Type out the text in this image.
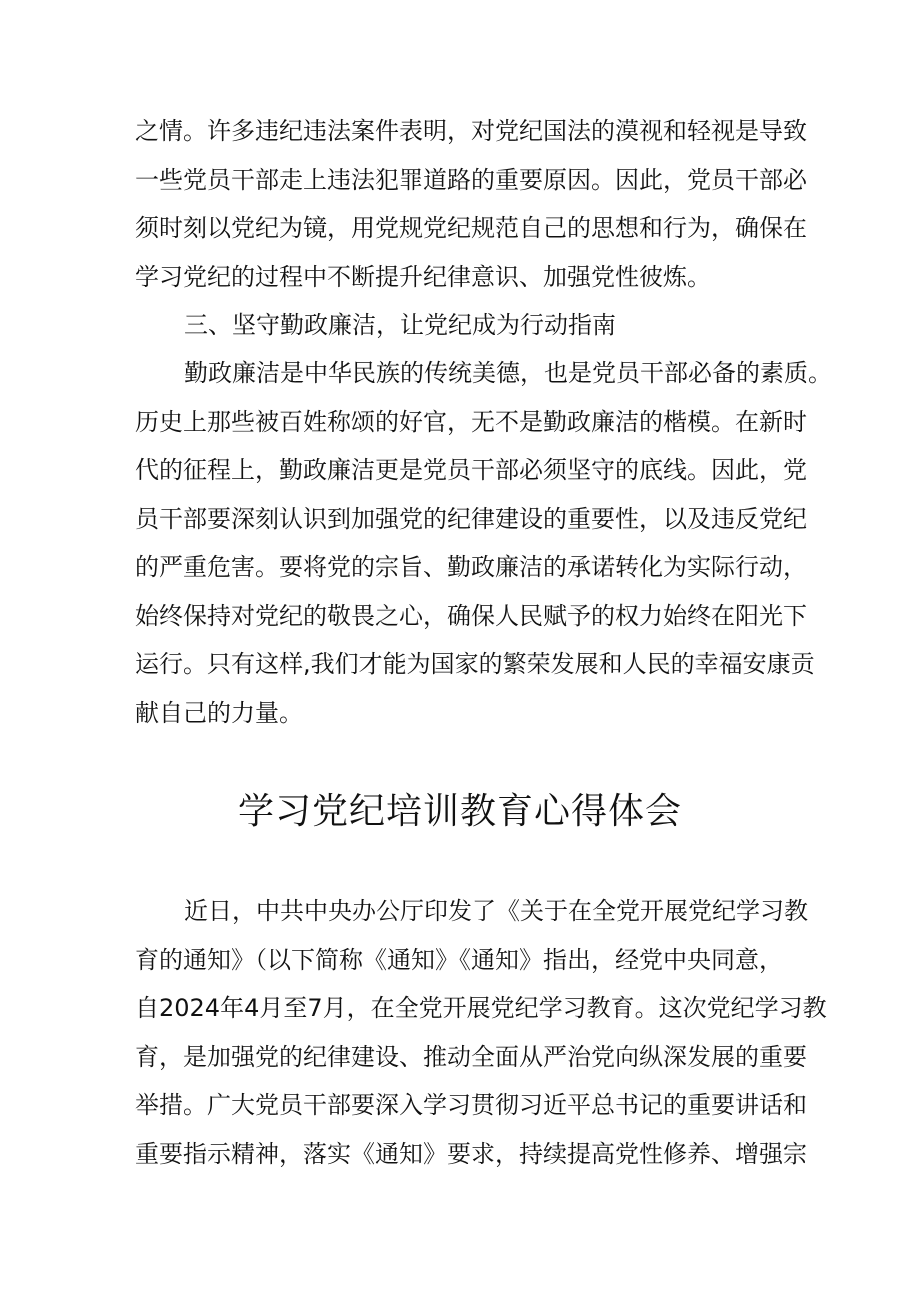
之情。许多违纪违法案件表明，对党纪国法的漠视和轻视是导致
一些党员干部走上违法犯罪道路的重要原因。因此，党员干部必
须时刻以党纪为镜，用党规党纪规范自己的思想和行为，确保在
学习党纪的过程中不断提升纪律意识、加强党性彼炼。
三、坚守勤政廉洁，让党纪成为行动指南
勤政廉洁是中华民族的传统美德，也是党员干部必备的素质。
历史上那些被百姓称颂的好官，无不是勤政廉洁的楷模。在新时
代的征程上，勤政廉洁更是党员干部必须坚守的底线。因此，党
员干部要深刻认识到加强党的纪律建设的重要性，以及违反党纪
的严重危害。要将党的宗旨、勤政廉洁的承诺转化为实际行动，
始终保持对党纪的敬畏之心，确保人民赋予的权力始终在阳光下
运行。只有这样,我们才能为国家的繁荣发展和人民的幸福安康贡
献自己的力量。
学习党纪培训教育心得体会
近日，中共中央办公厅印发了《关于在全党开展党纪学习教
育的通知》（以下简称《通知》《通知》指出，经党中央同意，
自2024年4月至7月，在全党开展党纪学习教育。这次党纪学习教
育，是加强党的纪律建设、推动全面从严治党向纵深发展的重要
举措。广大党员干部要深入学习贯彻习近平总书记的重要讲话和
重要指示精神，落实《通知》要求，持续提高党性修养、增强宗
